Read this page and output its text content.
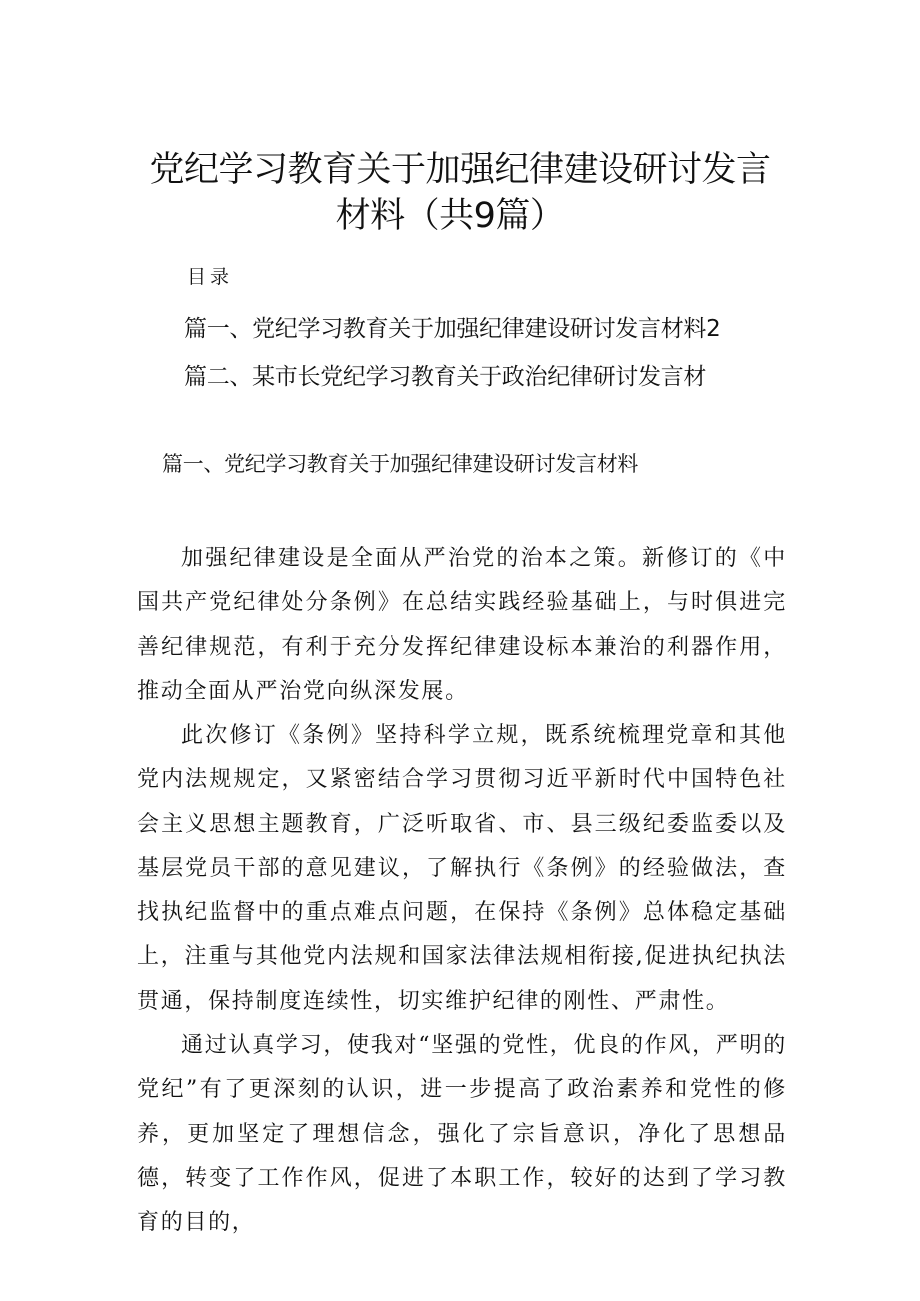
党纪学习教育关于加强纪律建设研讨发言
材料（共9篇）
目录
篇一、党纪学习教育关于加强纪律建设研讨发言材料2
篇二、某市长党纪学习教育关于政治纪律研讨发言材
篇一、党纪学习教育关于加强纪律建设研讨发言材料

加强纪律建设是全面从严治党的治本之策。新修订的《中国共产党纪律处分条例》在总结实践经验基础上，与时俱进完善纪律规范，有利于充分发挥纪律建设标本兼治的利器作用，推动全面从严治党向纵深发展。

此次修订《条例》坚持科学立规，既系统梳理党章和其他党内法规规定，又紧密结合学习贯彻习近平新时代中国特色社会主义思想主题教育，广泛听取省、市、县三级纪委监委以及基层党员干部的意见建议，了解执行《条例》的经验做法，查找执纪监督中的重点难点问题，在保持《条例》总体稳定基础上，注重与其他党内法规和国家法律法规相衔接,促进执纪执法贯通，保持制度连续性，切实维护纪律的刚性、严肃性。

通过认真学习，使我对“坚强的党性，优良的作风，严明的党纪”有了更深刻的认识，进一步提高了政治素养和党性的修养，更加坚定了理想信念，强化了宗旨意识，净化了思想品德，转变了工作作风，促进了本职工作，较好的达到了学习教育的目的，
